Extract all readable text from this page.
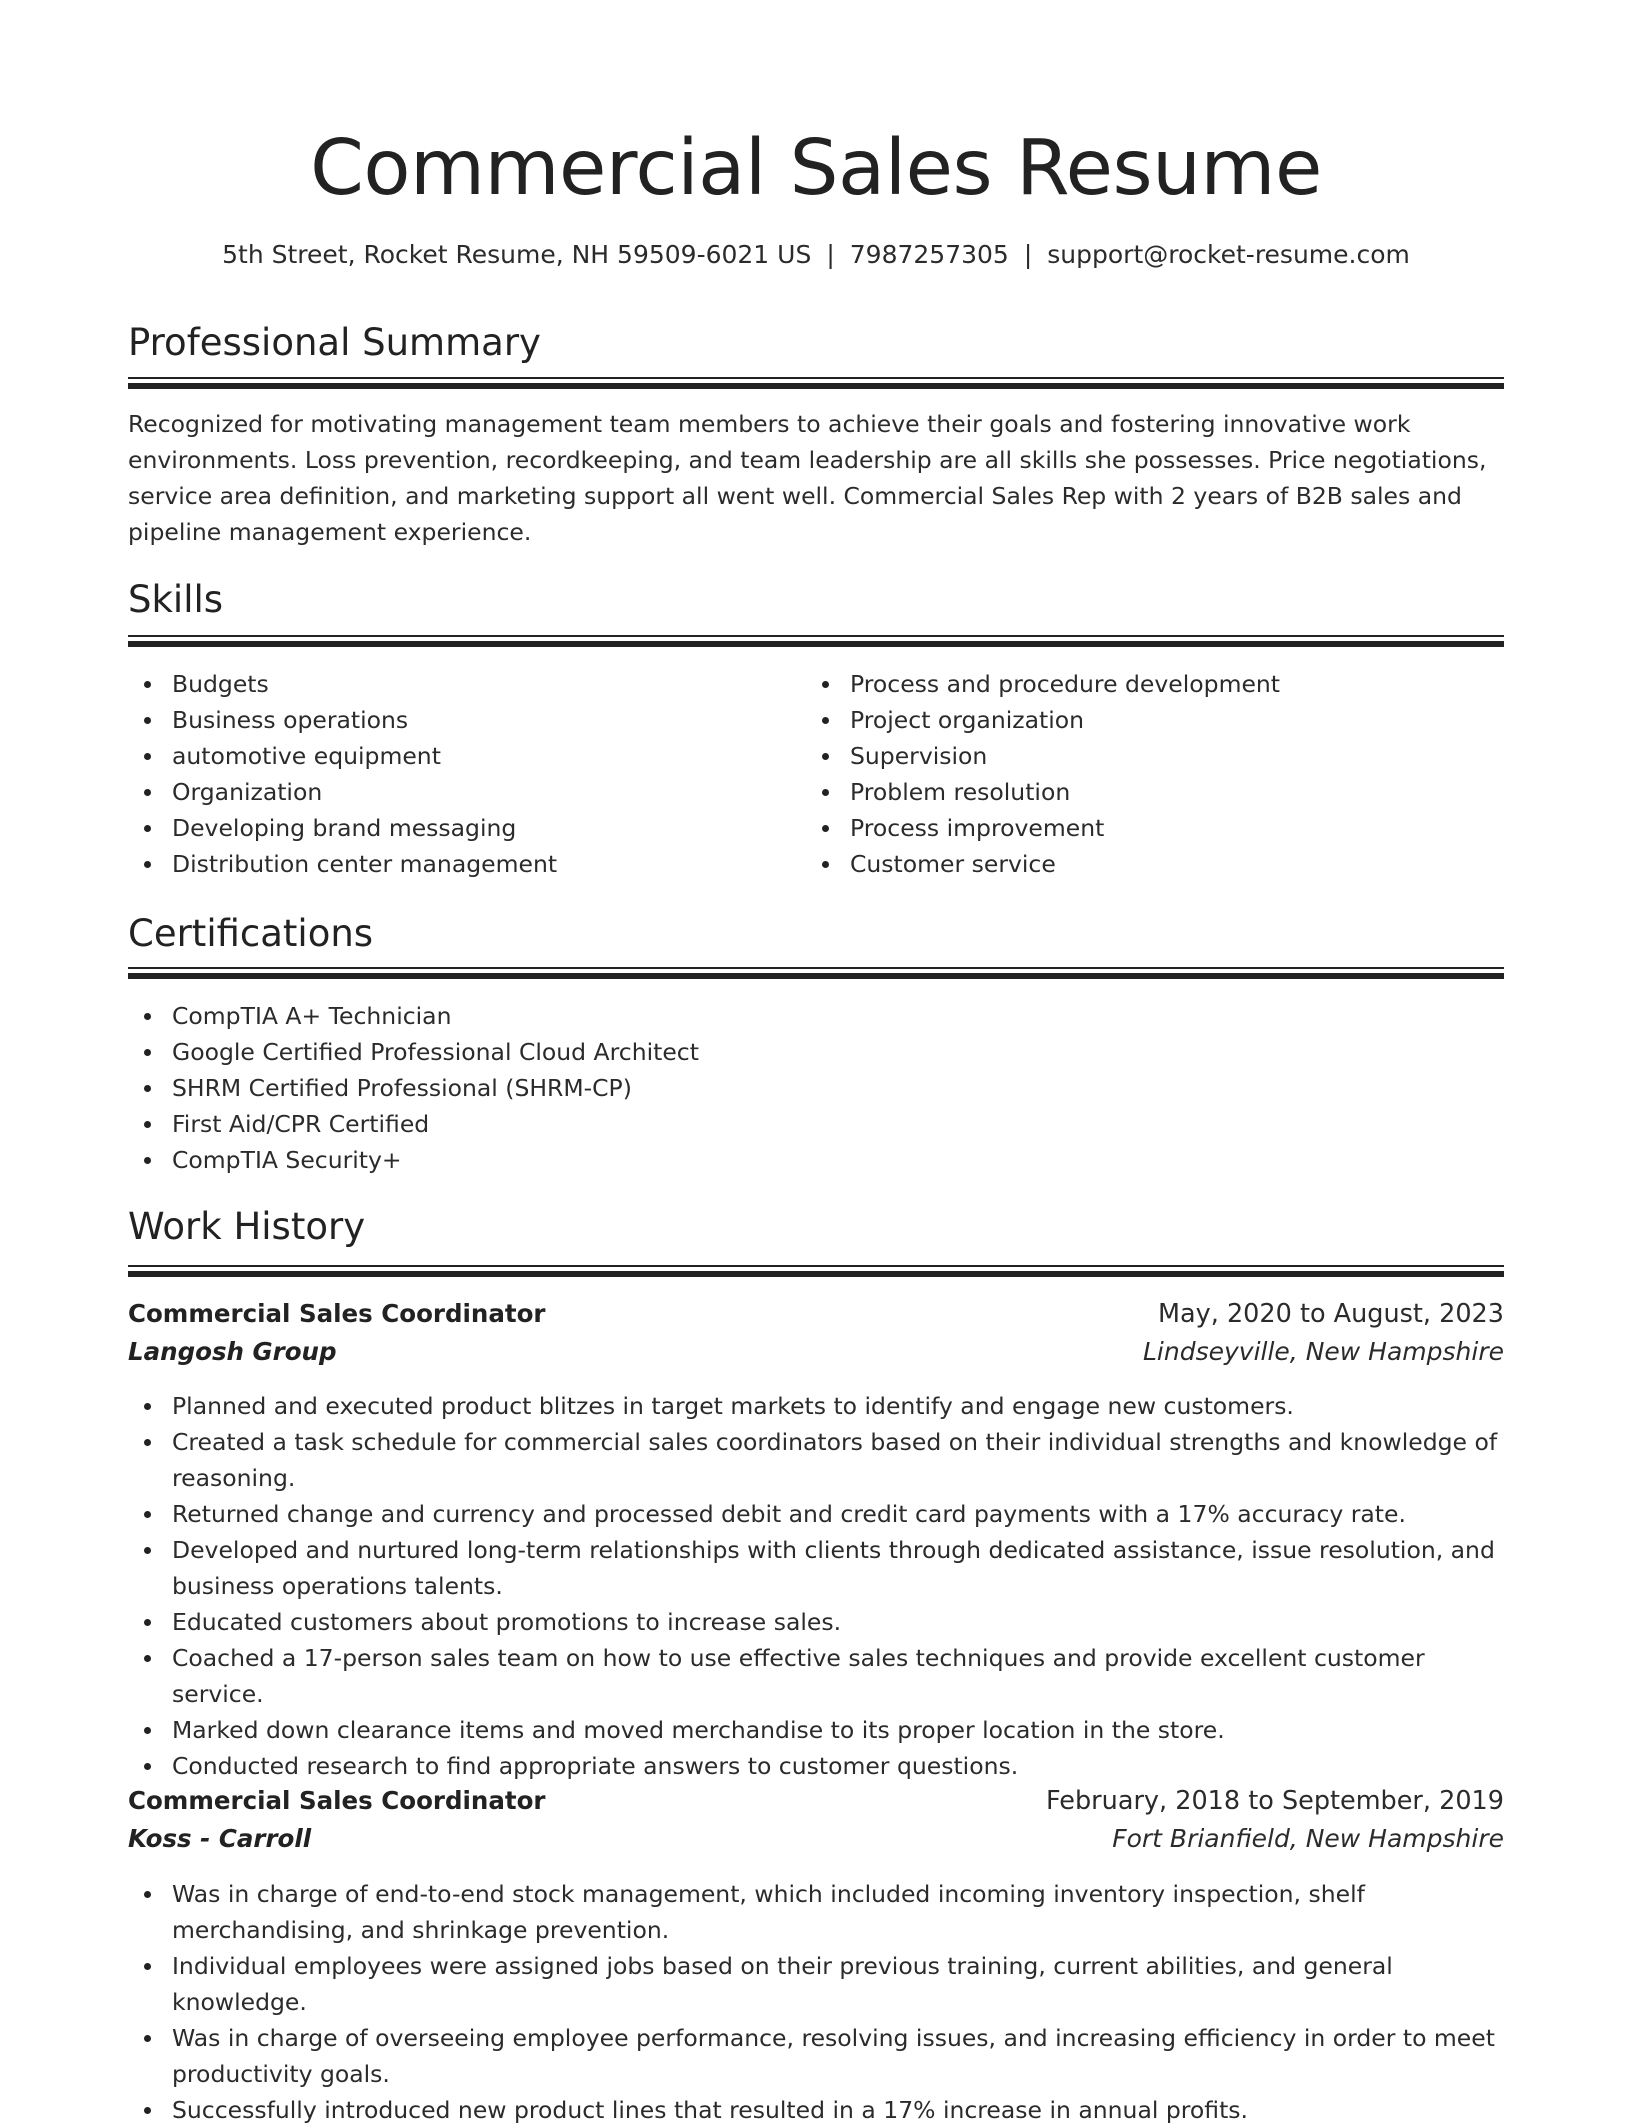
Commercial Sales Resume
5th Street, Rocket Resume, NH 59509-6021 US | 7987257305 | support@rocket-resume.com
Professional Summary
Recognized for motivating management team members to achieve their goals and fostering innovative work environments. Loss prevention, recordkeeping, and team leadership are all skills she possesses. Price negotiations, service area definition, and marketing support all went well. Commercial Sales Rep with 2 years of B2B sales and pipeline management experience.
Skills
Budgets
Business operations
automotive equipment
Organization
Developing brand messaging
Distribution center management
Process and procedure development
Project organization
Supervision
Problem resolution
Process improvement
Customer service
Certifications
CompTIA A+ Technician
Google Certified Professional Cloud Architect
SHRM Certified Professional (SHRM-CP)
First Aid/CPR Certified
CompTIA Security+
Work History
Commercial Sales Coordinator	May, 2020 to August, 2023
Langosh Group	Lindseyville, New Hampshire
Planned and executed product blitzes in target markets to identify and engage new customers.
Created a task schedule for commercial sales coordinators based on their individual strengths and knowledge of reasoning.
Returned change and currency and processed debit and credit card payments with a 17% accuracy rate.
Developed and nurtured long-term relationships with clients through dedicated assistance, issue resolution, and business operations talents.
Educated customers about promotions to increase sales.
Coached a 17-person sales team on how to use effective sales techniques and provide excellent customer service.
Marked down clearance items and moved merchandise to its proper location in the store.
Conducted research to find appropriate answers to customer questions.
Commercial Sales Coordinator	February, 2018 to September, 2019
Koss - Carroll	Fort Brianfield, New Hampshire
Was in charge of end-to-end stock management, which included incoming inventory inspection, shelf merchandising, and shrinkage prevention.
Individual employees were assigned jobs based on their previous training, current abilities, and general knowledge.
Was in charge of overseeing employee performance, resolving issues, and increasing efficiency in order to meet productivity goals.
Successfully introduced new product lines that resulted in a 17% increase in annual profits.
